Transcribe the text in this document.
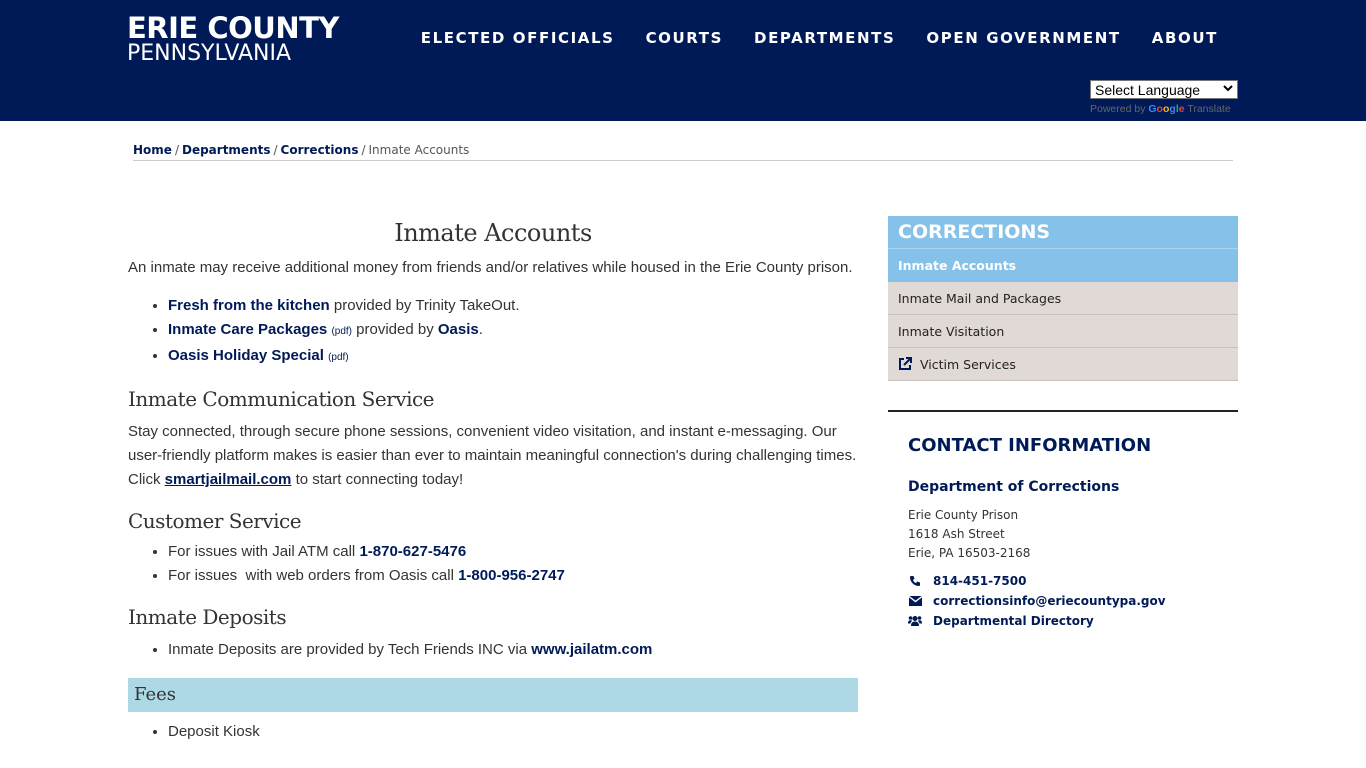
ERIE COUNTY
PENNSYLVANIA
ELECTED OFFICIALS COURTS DEPARTMENTS OPEN GOVERNMENT ABOUT
Select Language
Powered by Google Translate
Home / Departments / Corrections / Inmate Accounts
Inmate Accounts

An inmate may receive additional money from friends and/or relatives while housed in the Erie County prison.

• Fresh from the kitchen provided by Trinity TakeOut.
• Inmate Care Packages (pdf) provided by Oasis.
• Oasis Holiday Special (pdf)
Inmate Communication Service

Stay connected, through secure phone sessions, convenient video visitation, and instant e-messaging. Our user-friendly platform makes is easier than ever to maintain meaningful connection's during challenging times. Click smartjailmail.com to start connecting today!

Customer Service
• For issues with Jail ATM call 1-870-627-5476
• For issues  with web orders from Oasis call 1-800-956-2747
Inmate Deposits
• Inmate Deposits are provided by Tech Friends INC via www.jailatm.com
Fees
• Deposit Kiosk
CORRECTIONS
Inmate Accounts
Inmate Mail and Packages
Inmate Visitation
Victim Services
CONTACT INFORMATION
Department of Corrections
Erie County Prison
1618 Ash Street
Erie, PA 16503-2168
814-451-7500
correctionsinfo@eriecountypa.gov
Departmental Directory
